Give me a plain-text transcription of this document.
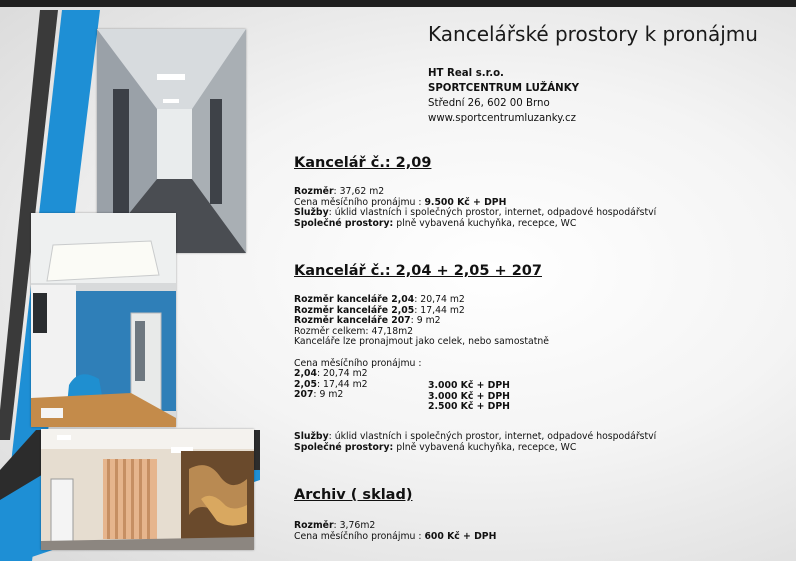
Kancelářské prostory k pronájmu
HT Real s.r.o.
SPORTCENTRUM LUŽÁNKY
Střední 26, 602 00 Brno
www.sportcentrumluzanky.cz
Kancelář č.: 2,09
Rozměr: 37,62 m2
Cena měsíčního pronájmu : 9.500 Kč + DPH
Služby: úklid vlastních i společných prostor, internet, odpadové hospodářství
Společné prostory: plně vybavená kuchyňka, recepce, WC
Kancelář č.: 2,04 + 2,05 + 207
Rozměr kanceláře 2,04: 20,74 m2
Rozměr kanceláře 2,05: 17,44 m2
Rozměr kanceláře 207: 9 m2
Rozměr celkem: 47,18m2
Kanceláře lze pronajmout jako celek, nebo samostatně
Cena měsíčního pronájmu :
2,04: 20,74 m2
2,05: 17,44 m2
207: 9 m2
3.000 Kč + DPH
3.000 Kč + DPH
2.500 Kč + DPH
Služby: úklid vlastních i společných prostor, internet, odpadové hospodářství
Společné prostory: plně vybavená kuchyňka, recepce, WC
Archiv ( sklad)
Rozměr: 3,76m2
Cena měsíčního pronájmu : 600 Kč + DPH
